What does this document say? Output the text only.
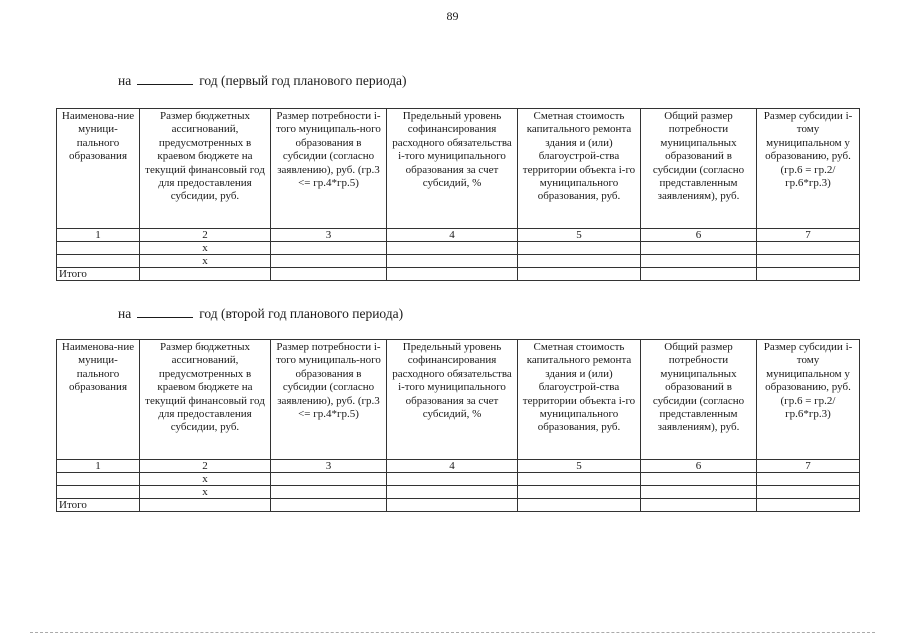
89
на	год (первый год планового периода)
Наименова-ние муници-пального образования	Размер бюджетных ассигнований, предусмотренных в краевом бюджете на текущий финансовый год для предоставления субсидии, руб.	Размер потребности i-того муниципаль-ного образования в субсидии (согласно заявлению), руб. (гр.3 <= гр.4*гр.5)	Предельный уровень софинансирования расходного обязательства i-того муниципального образования за счет субсидий, %	Сметная стоимость капитального ремонта здания и (или) благоустрой-ства территории объекта i-го муниципального образования, руб.	Общий размер потребности муниципальных образований в субсидии (согласно представленным заявлениям), руб.	Размер субсидии i-тому муниципальном у образованию, руб. (гр.6 = гр.2/гр.6*гр.3)
1	2	3	4	5	6	7
	х					
	х					
Итого						
на	год (второй год планового периода)
Наименова-ние муници-пального образования	Размер бюджетных ассигнований, предусмотренных в краевом бюджете на текущий финансовый год для предоставления субсидии, руб.	Размер потребности i-того муниципаль-ного образования в субсидии (согласно заявлению), руб. (гр.3 <= гр.4*гр.5)	Предельный уровень софинансирования расходного обязательства i-того муниципального образования за счет субсидий, %	Сметная стоимость капитального ремонта здания и (или) благоустрой-ства территории объекта i-го муниципального образования, руб.	Общий размер потребности муниципальных образований в субсидии (согласно представленным заявлениям), руб.	Размер субсидии i-тому муниципальном у образованию, руб. (гр.6 = гр.2/гр.6*гр.3)
1	2	3	4	5	6	7
	х					
	х					
Итого						
